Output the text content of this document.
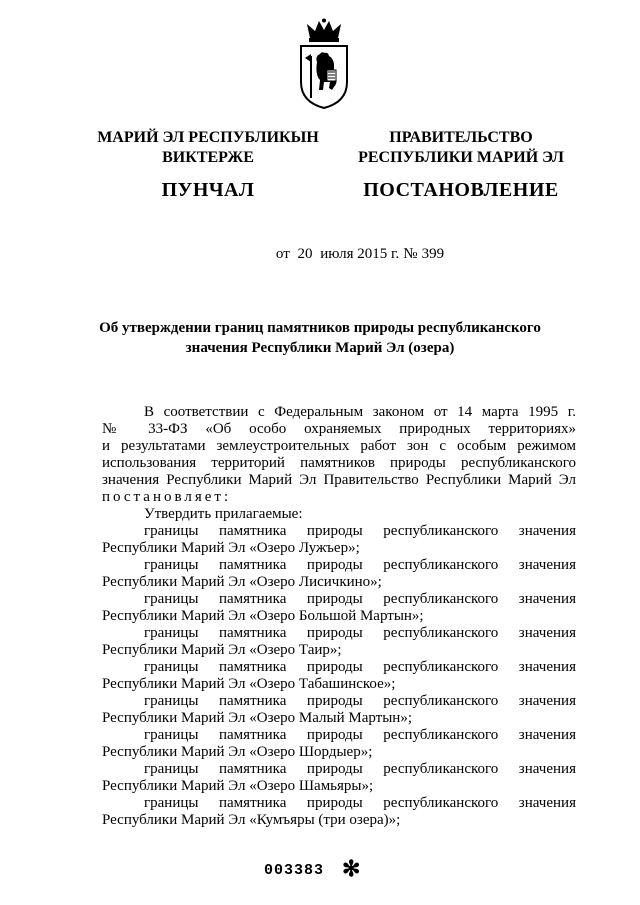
МАРИЙ ЭЛ РЕСПУБЛИКЫН
ВИКТЕРЖЕ
ПУНЧАЛ
ПРАВИТЕЛЬСТВО
РЕСПУБЛИКИ МАРИЙ ЭЛ
ПОСТАНОВЛЕНИЕ
от 20 июля 2015 г. № 399
Об утверждении границ памятников природы республиканского
значения Республики Марий Эл (озера)
В соответствии с Федеральным законом от 14 марта 1995 г.
№ 33-ФЗ «Об особо охраняемых природных территориях»
и результатами землеустроительных работ зон с особым режимом
использования территорий памятников природы республиканского
значения Республики Марий Эл Правительство Республики Марий Эл
постановляет:
Утвердить прилагаемые:
границы памятника природы республиканского значения
Республики Марий Эл «Озеро Лужъер»;
границы памятника природы республиканского значения
Республики Марий Эл «Озеро Лисичкино»;
границы памятника природы республиканского значения
Республики Марий Эл «Озеро Большой Мартын»;
границы памятника природы республиканского значения
Республики Марий Эл «Озеро Таир»;
границы памятника природы республиканского значения
Республики Марий Эл «Озеро Табашинское»;
границы памятника природы республиканского значения
Республики Марий Эл «Озеро Малый Мартын»;
границы памятника природы республиканского значения
Республики Марий Эл «Озеро Шордыер»;
границы памятника природы республиканского значения
Республики Марий Эл «Озеро Шамьяры»;
границы памятника природы республиканского значения
Республики Марий Эл «Кумъяры (три озера)»;
003383 ✻
